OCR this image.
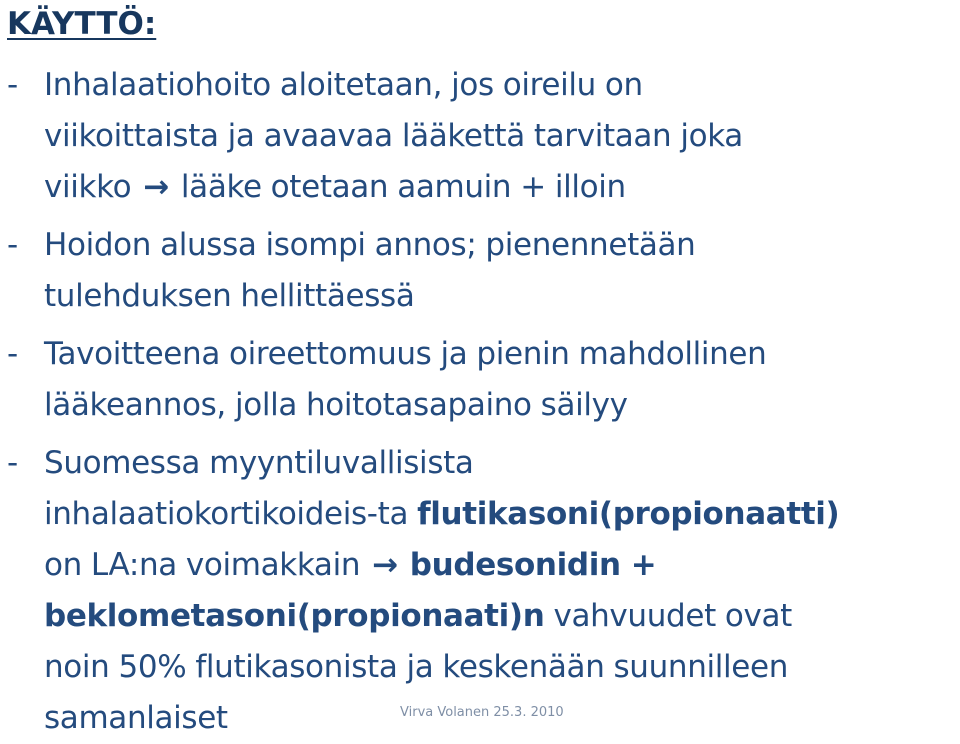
KÄYTTÖ:
- Inhalaatiohoito aloitetaan, jos oireilu on
viikoittaista ja avaavaa lääkettä tarvitaan joka
viikko → lääke otetaan aamuin + illoin
- Hoidon alussa isompi annos; pienennetään
tulehduksen hellittäessä
- Tavoitteena oireettomuus ja pienin mahdollinen
lääkeannos, jolla hoitotasapaino säilyy
- Suomessa myyntiluvallisista
inhalaatiokortikoideis-ta flutikasoni(propionaatti)
on LA:na voimakkain → budesonidin +
beklometasoni(propionaati)n vahvuudet ovat
noin 50% flutikasonista ja keskenään suunnilleen
samanlaiset	Virva Volanen 25.3. 2010
